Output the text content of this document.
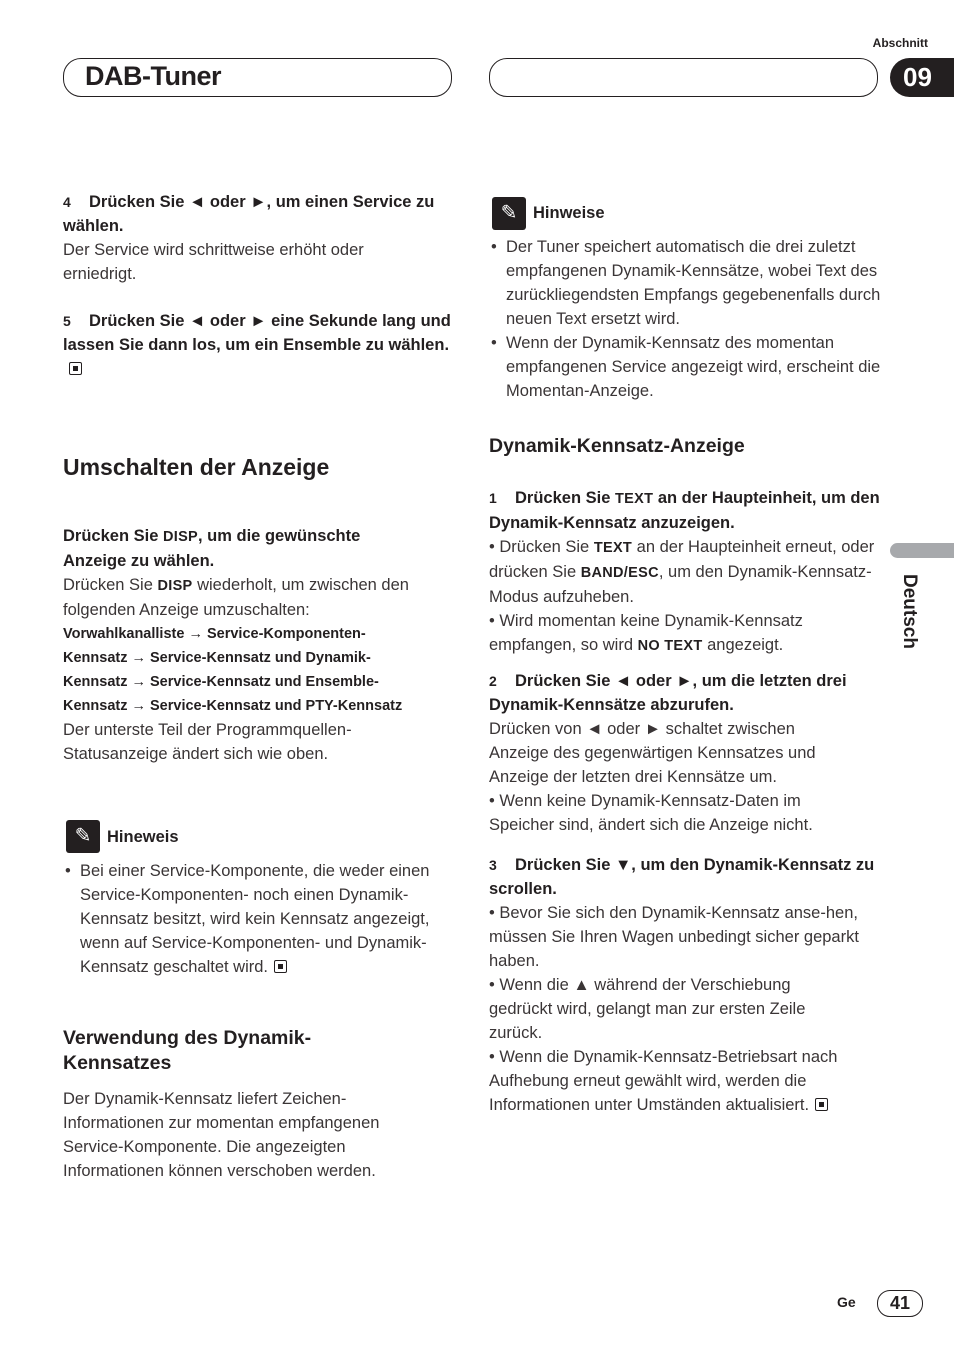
Abschnitt
DAB-Tuner	09
4 Drücken Sie ◄ oder ►, um einen Service zu wählen.
Der Service wird schrittweise erhöht oder erniedrigt.
5 Drücken Sie ◄ oder ► eine Sekunde lang und lassen Sie dann los, um ein Ensemble zu wählen.
Umschalten der Anzeige
Drücken Sie DISP, um die gewünschte Anzeige zu wählen.
Drücken Sie DISP wiederholt, um zwischen den folgenden Anzeige umzuschalten:
Vorwahlkanalliste → Service-Komponenten-Kennsatz → Service-Kennsatz und Dynamik-Kennsatz → Service-Kennsatz und Ensemble-Kennsatz → Service-Kennsatz und PTY-Kennsatz
Der unterste Teil der Programmquellen-Statusanzeige ändert sich wie oben.
✎ Hineweis
• Bei einer Service-Komponente, die weder einen Service-Komponenten- noch einen Dynamik-Kennsatz besitzt, wird kein Kennsatz angezeigt, wenn auf Service-Komponenten- und Dynamik-Kennsatz geschaltet wird.
Verwendung des Dynamik-Kennsatzes
Der Dynamik-Kennsatz liefert Zeichen-Informationen zur momentan empfangenen Service-Komponente. Die angezeigten Informationen können verschoben werden.
✎ Hinweise
• Der Tuner speichert automatisch die drei zuletzt empfangenen Dynamik-Kennsätze, wobei Text des zurückliegendsten Empfangs gegebenenfalls durch neuen Text ersetzt wird.
• Wenn der Dynamik-Kennsatz des momentan empfangenen Service angezeigt wird, erscheint die Momentan-Anzeige.
Dynamik-Kennsatz-Anzeige
1 Drücken Sie TEXT an der Haupteinheit, um den Dynamik-Kennsatz anzuzeigen.
• Drücken Sie TEXT an der Haupteinheit erneut, oder drücken Sie BAND/ESC, um den Dynamik-Kennsatz-Modus aufzuheben.
• Wird momentan keine Dynamik-Kennsatz empfangen, so wird NO TEXT angezeigt.
2 Drücken Sie ◄ oder ►, um die letzten drei Dynamik-Kennsätze abzurufen.
Drücken von ◄ oder ► schaltet zwischen Anzeige des gegenwärtigen Kennsatzes und Anzeige der letzten drei Kennsätze um.
• Wenn keine Dynamik-Kennsatz-Daten im Speicher sind, ändert sich die Anzeige nicht.
3 Drücken Sie ▼, um den Dynamik-Kennsatz zu scrollen.
• Bevor Sie sich den Dynamik-Kennsatz anse-hen, müssen Sie Ihren Wagen unbedingt sicher geparkt haben.
• Wenn die ▲ während der Verschiebung gedrückt wird, gelangt man zur ersten Zeile zurück.
• Wenn die Dynamik-Kennsatz-Betriebsart nach Aufhebung erneut gewählt wird, werden die Informationen unter Umständen aktualisiert.
Deutsch
Ge	41
